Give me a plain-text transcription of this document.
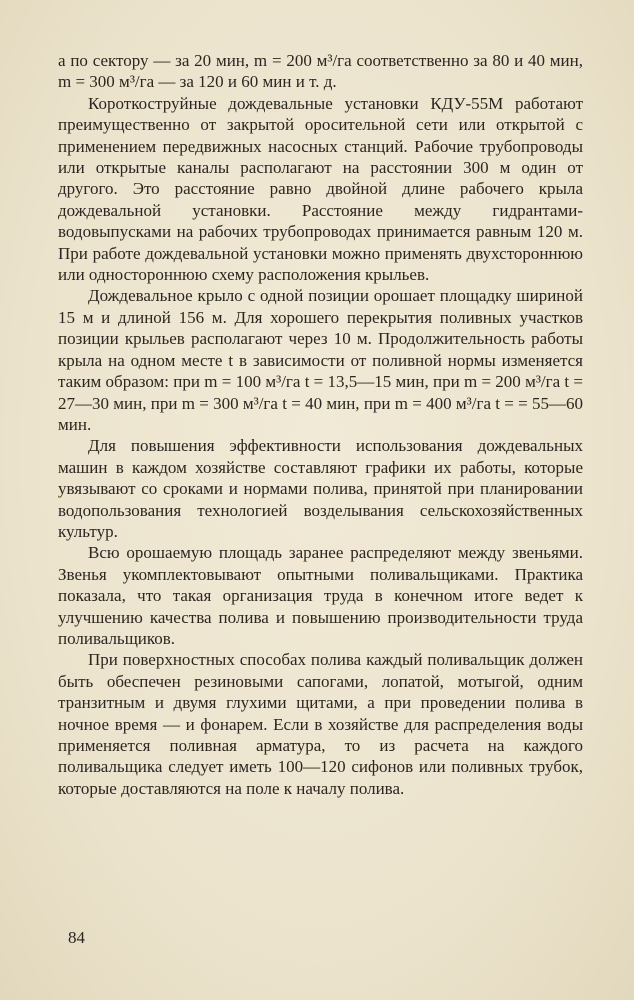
а по сектору — за 20 мин, m = 200 м³/га соответственно за 80 и 40 мин, m = 300 м³/га — за 120 и 60 мин и т. д.

Короткоструйные дождевальные установки КДУ-55М работают преимущественно от закрытой оросительной сети или открытой с применением передвижных насосных станций. Рабочие трубопроводы или открытые каналы располагают на расстоянии 300 м один от другого. Это расстояние равно двойной длине рабочего крыла дождевальной установки. Расстояние между гидрантами-водовыпусками на рабочих трубопроводах принимается равным 120 м. При работе дождевальной установки можно применять двухстороннюю или одностороннюю схему расположения крыльев.

Дождевальное крыло с одной позиции орошает площадку шириной 15 м и длиной 156 м. Для хорошего перекрытия поливных участков позиции крыльев располагают через 10 м. Продолжительность работы крыла на одном месте t в зависимости от поливной нормы изменяется таким образом: при m = 100 м³/га t = 13,5—15 мин, при m = 200 м³/га t = 27—30 мин, при m = 300 м³/га t = 40 мин, при m = 400 м³/га t = = 55—60 мин.

Для повышения эффективности использования дождевальных машин в каждом хозяйстве составляют графики их работы, которые увязывают со сроками и нормами полива, принятой при планировании водопользования технологией возделывания сельскохозяйственных культур.

Всю орошаемую площадь заранее распределяют между звеньями. Звенья укомплектовывают опытными поливальщиками. Практика показала, что такая организация труда в конечном итоге ведет к улучшению качества полива и повышению производительности труда поливальщиков.

При поверхностных способах полива каждый поливальщик должен быть обеспечен резиновыми сапогами, лопатой, мотыгой, одним транзитным и двумя глухими щитами, а при проведении полива в ночное время — и фонарем. Если в хозяйстве для распределения воды применяется поливная арматура, то из расчета на каждого поливальщика следует иметь 100—120 сифонов или поливных трубок, которые доставляются на поле к началу полива.

84
